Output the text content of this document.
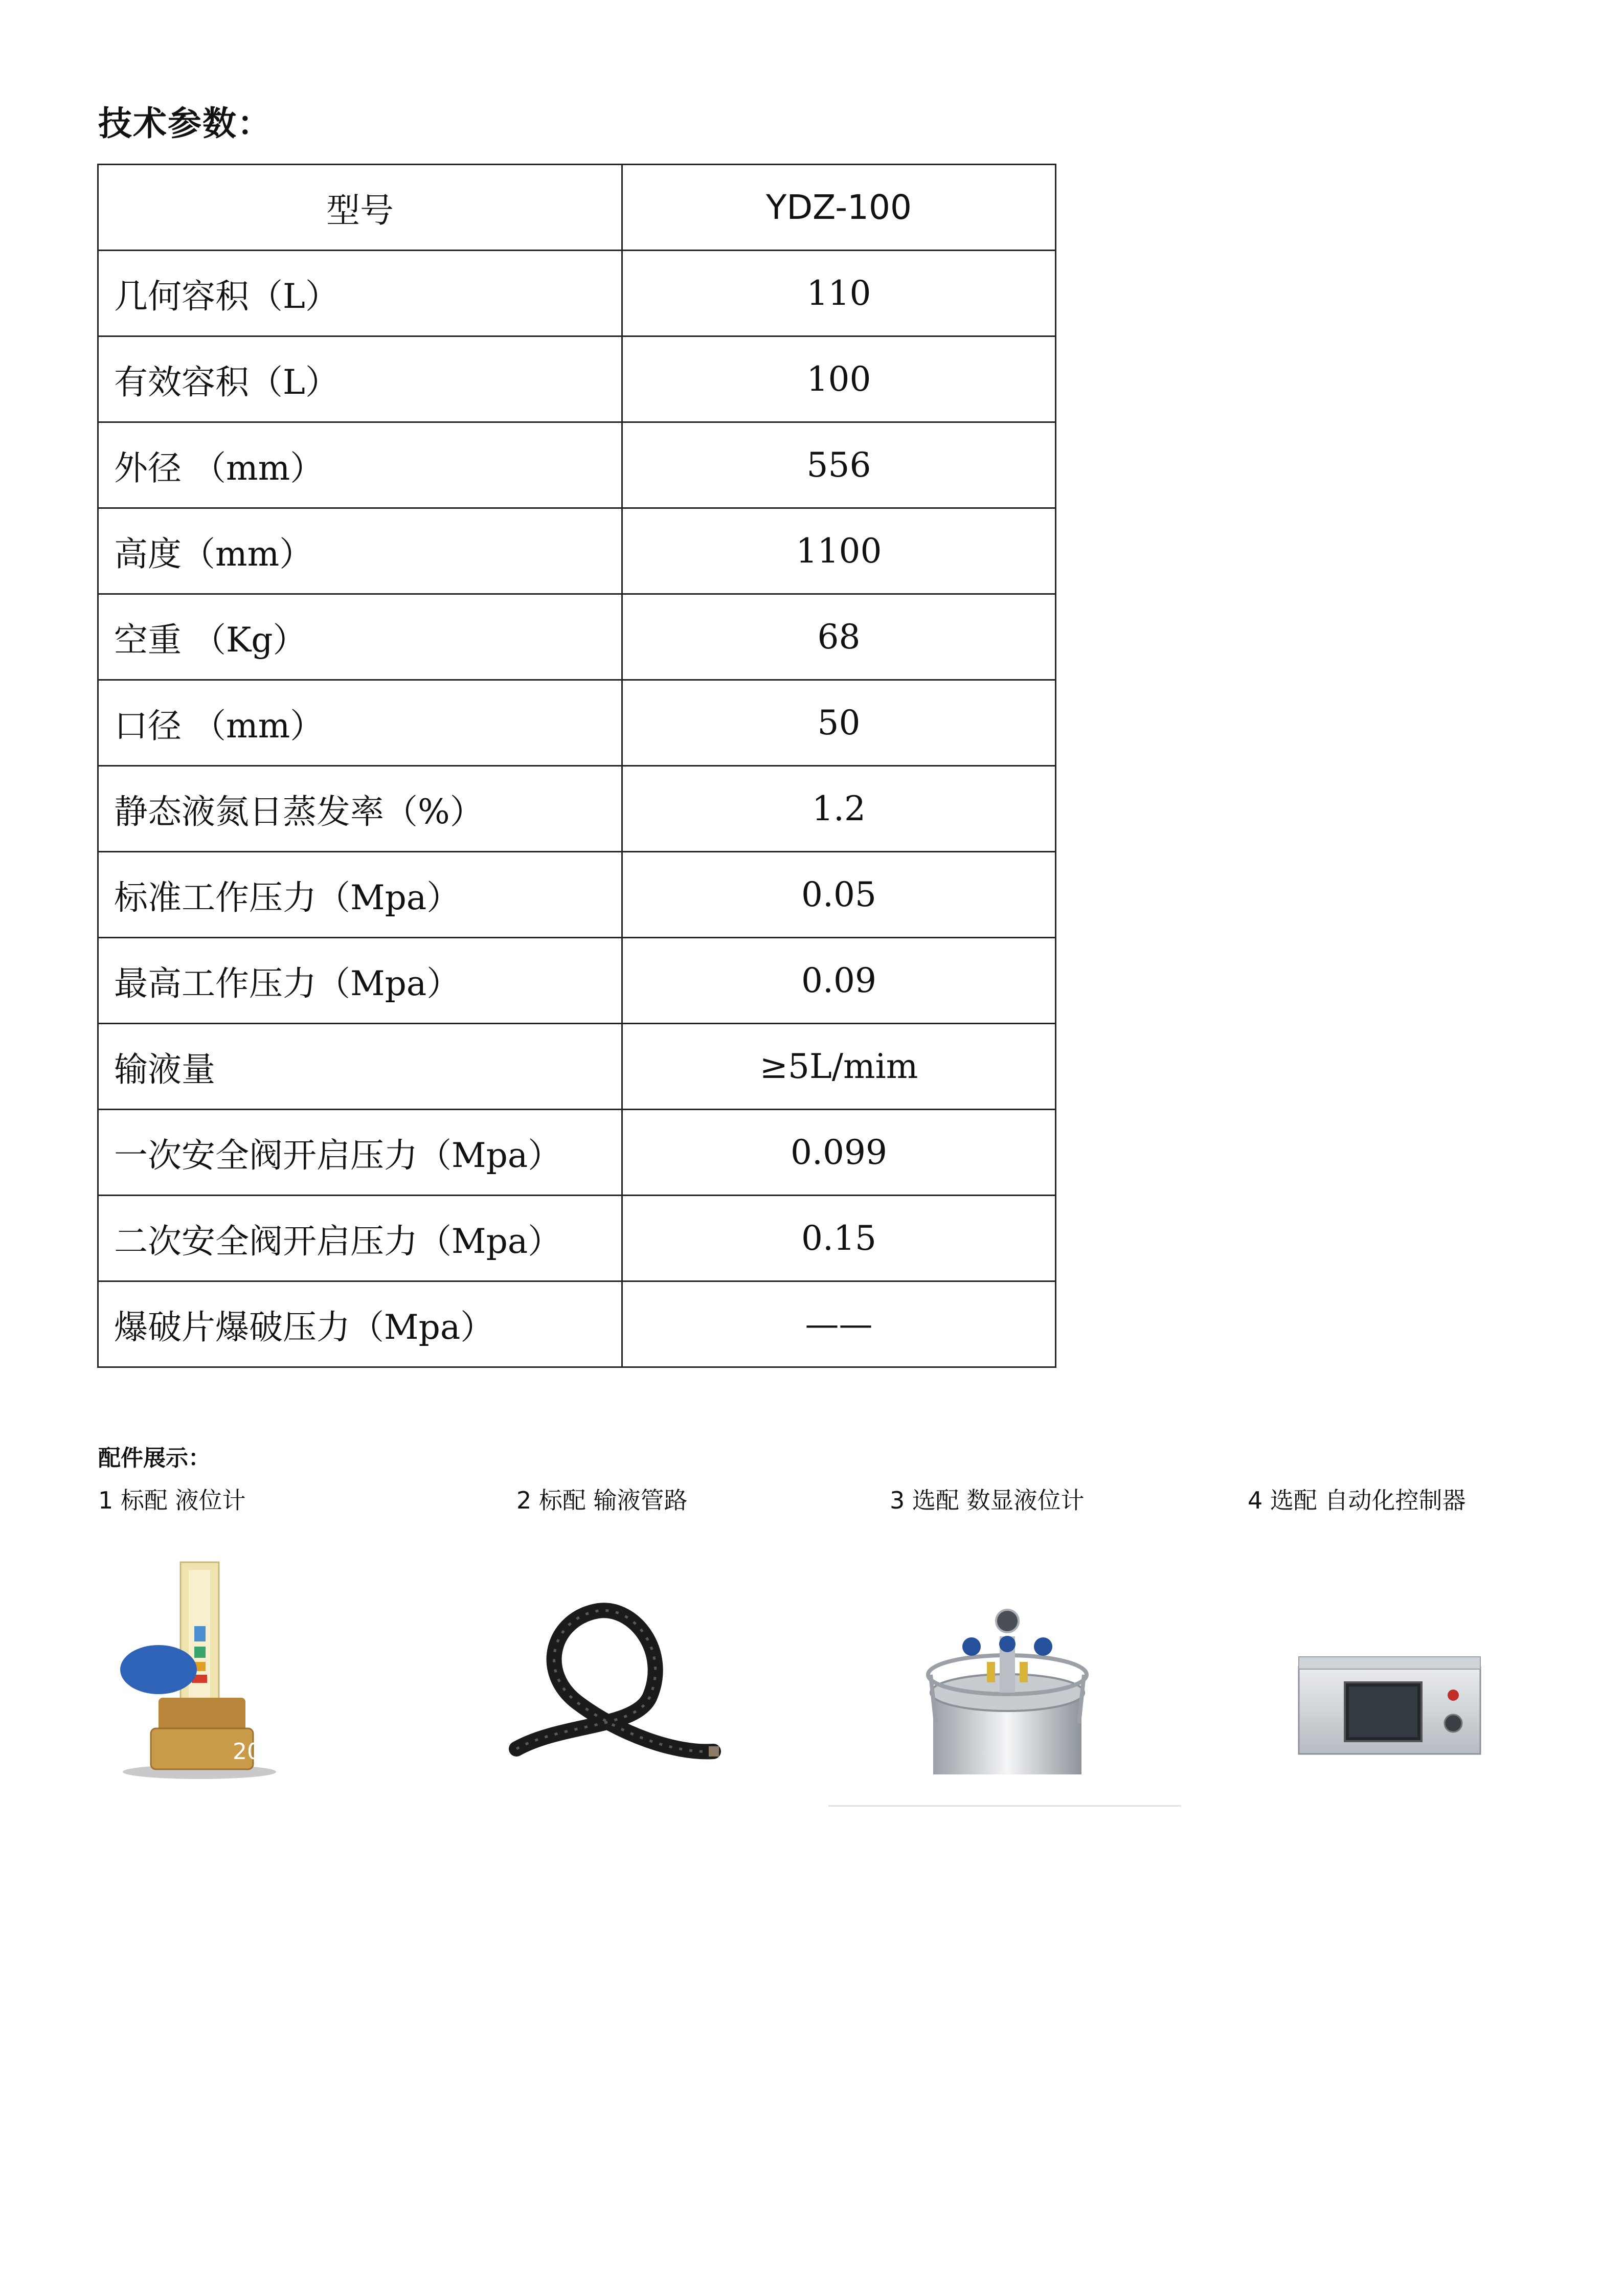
技术参数：
型号	YDZ-100
几何容积（L）	110
有效容积（L）	100
外径 （mm）	556
高度（mm）	1100
空重 （Kg）	68
口径 （mm）	50
静态液氮日蒸发率（%）	1.2
标准工作压力（Mpa）	0.05
最高工作压力（Mpa）	0.09
输液量	≥5L/mim
一次安全阀开启压力（Mpa）	0.099
二次安全阀开启压力（Mpa）	0.15
爆破片爆破压力（Mpa）	——
配件展示：
1 标配 液位计	2 标配 输液管路	3 选配 数显液位计	4 选配 自动化控制器
200
